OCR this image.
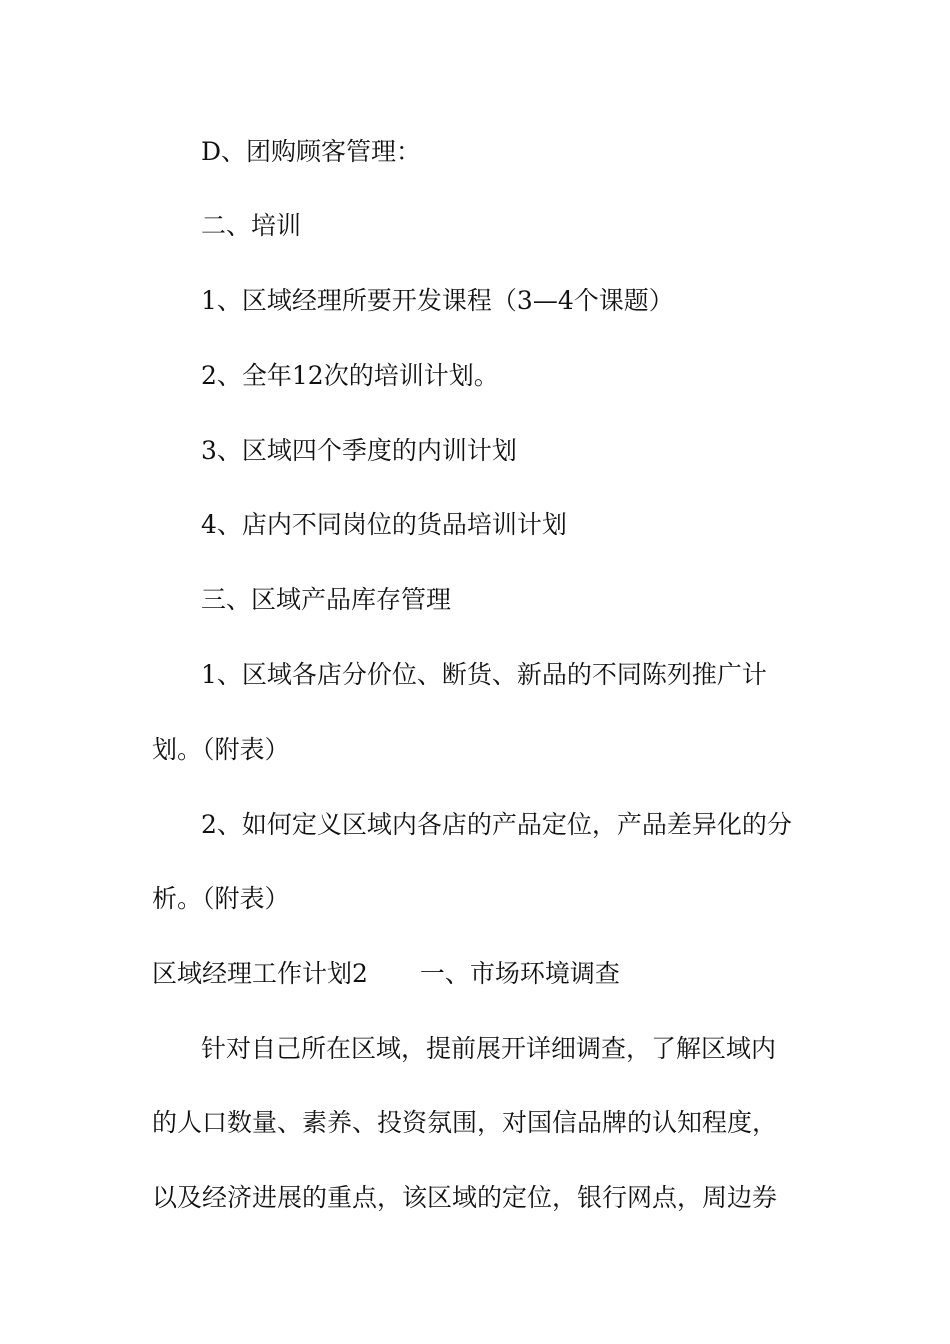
D、团购顾客管理：
二、培训
1、区域经理所要开发课程（3—4个课题）
2、全年12次的培训计划。
3、区域四个季度的内训计划
4、店内不同岗位的货品培训计划
三、区域产品库存管理
1、区域各店分价位、断货、新品的不同陈列推广计
划。（附表）
2、如何定义区域内各店的产品定位，产品差异化的分
析。（附表）
区域经理工作计划2 一、市场环境调查
针对自己所在区域，提前展开详细调查，了解区域内
的人口数量、素养、投资氛围，对国信品牌的认知程度，
以及经济进展的重点，该区域的定位，银行网点，周边券
